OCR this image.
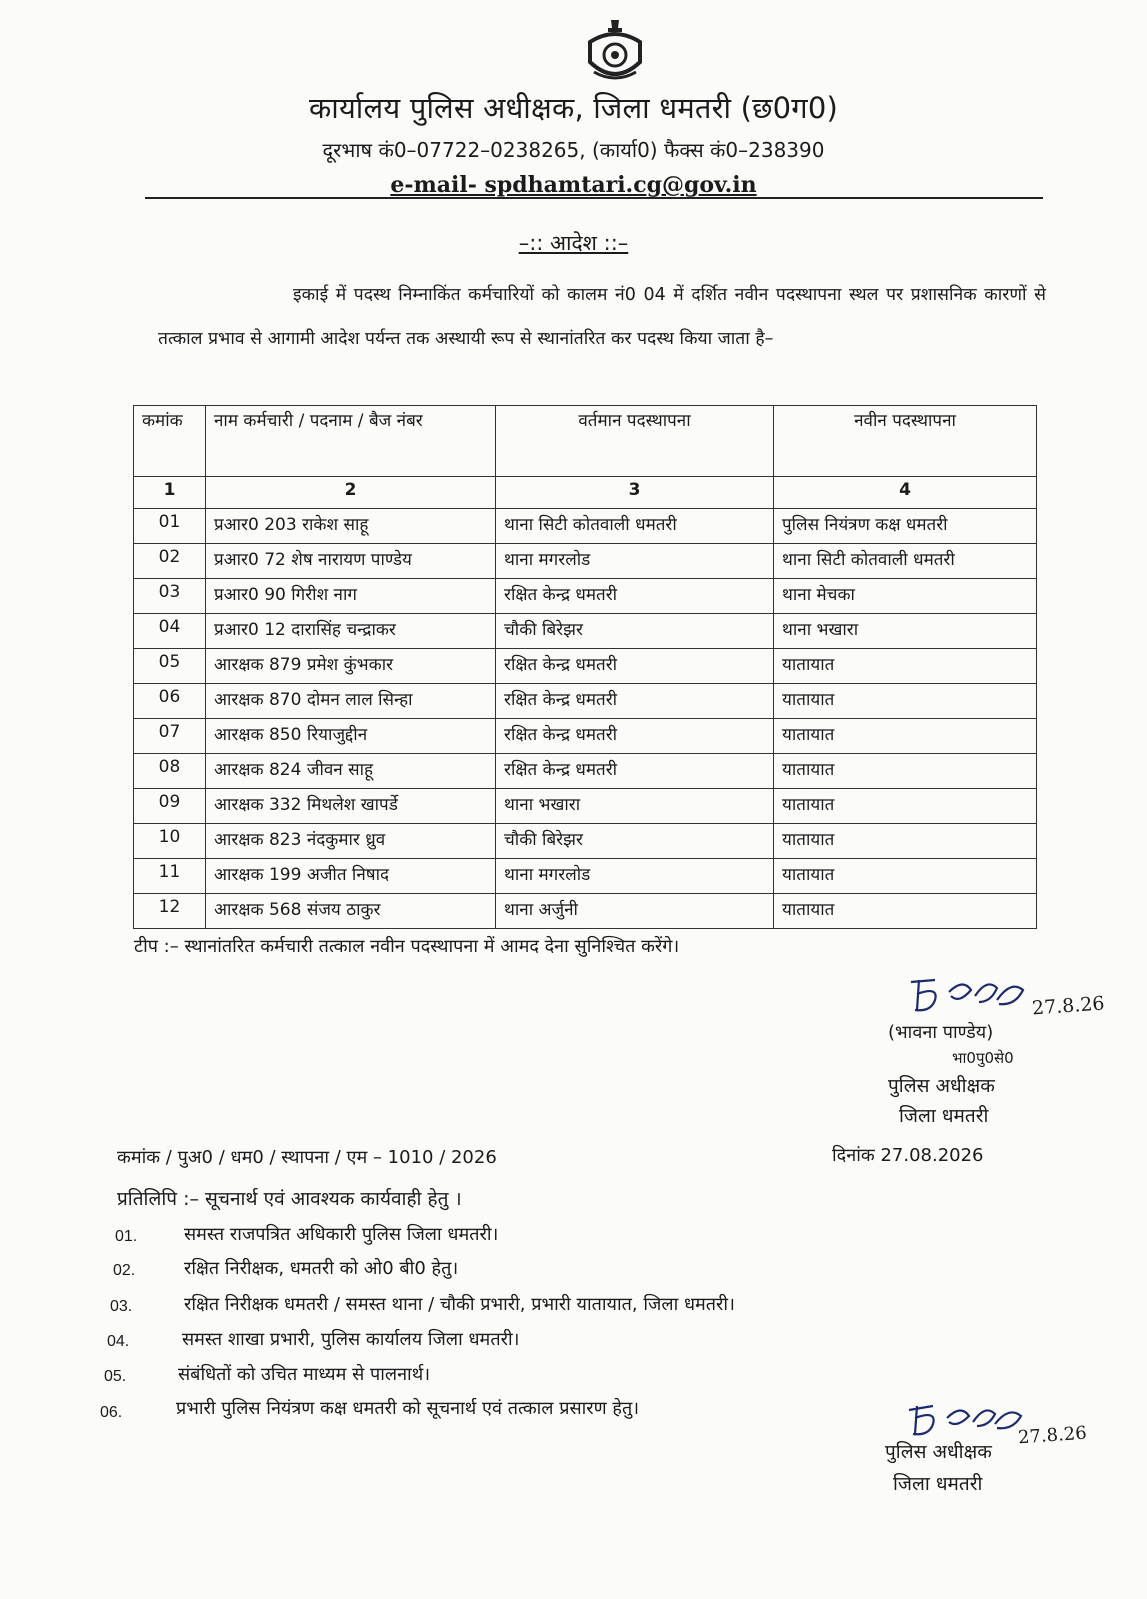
कार्यालय पुलिस अधीक्षक, जिला धमतरी (छ0ग0)
दूरभाष कं0–07722–0238265, (कार्या0) फैक्स कं0–238390
e-mail- spdhamtari.cg@gov.in
–:: आदेश ::–
इकाई में पदस्थ निम्नाकिंत कर्मचारियों को कालम नं0 04 में दर्शित नवीन पदस्थापना स्थल पर प्रशासनिक कारणों से तत्काल प्रभाव से आगामी आदेश पर्यन्त तक अस्थायी रूप से स्थानांतरित कर पदस्थ किया जाता है–
कमांक	नाम कर्मचारी / पदनाम / बैज नंबर	वर्तमान पदस्थापना	नवीन पदस्थापना
1	2	3	4
01	प्रआर0 203 राकेश साहू	थाना सिटी कोतवाली धमतरी	पुलिस नियंत्रण कक्ष धमतरी
02	प्रआर0 72 शेष नारायण पाण्डेय	थाना मगरलोड	थाना सिटी कोतवाली धमतरी
03	प्रआर0 90 गिरीश नाग	रक्षित केन्द्र धमतरी	थाना मेचका
04	प्रआर0 12 दारासिंह चन्द्राकर	चौकी बिरेझर	थाना भखारा
05	आरक्षक 879 प्रमेश कुंभकार	रक्षित केन्द्र धमतरी	यातायात
06	आरक्षक 870 दोमन लाल सिन्हा	रक्षित केन्द्र धमतरी	यातायात
07	आरक्षक 850 रियाजुद्दीन	रक्षित केन्द्र धमतरी	यातायात
08	आरक्षक 824 जीवन साहू	रक्षित केन्द्र धमतरी	यातायात
09	आरक्षक 332 मिथलेश खापर्डे	थाना भखारा	यातायात
10	आरक्षक 823 नंदकुमार ध्रुव	चौकी बिरेझर	यातायात
11	आरक्षक 199 अजीत निषाद	थाना मगरलोड	यातायात
12	आरक्षक 568 संजय ठाकुर	थाना अर्जुनी	यातायात
टीप :– स्थानांतरित कर्मचारी तत्काल नवीन पदस्थापना में आमद देना सुनिश्चित करेंगे।
27.8.26
(भावना पाण्डेय)
भा0पु0से0
पुलिस अधीक्षक
जिला धमतरी
कमांक / पुअ0 / धम0 / स्थापना / एम – 1010 / 2026	दिनांक 27.08.2026
प्रतिलिपि :– सूचनार्थ एवं आवश्यक कार्यवाही हेतु ।
01.	समस्त राजपत्रित अधिकारी पुलिस जिला धमतरी।
02.	रक्षित निरीक्षक, धमतरी को ओ0 बी0 हेतु।
03.	रक्षित निरीक्षक धमतरी / समस्त थाना / चौकी प्रभारी, प्रभारी यातायात, जिला धमतरी।
04.	समस्त शाखा प्रभारी, पुलिस कार्यालय जिला धमतरी।
05.	संबंधितों को उचित माध्यम से पालनार्थ।
06.	प्रभारी पुलिस नियंत्रण कक्ष धमतरी को सूचनार्थ एवं तत्काल प्रसारण हेतु।
पुलिस अधीक्षक
27.8.26
जिला धमतरी
